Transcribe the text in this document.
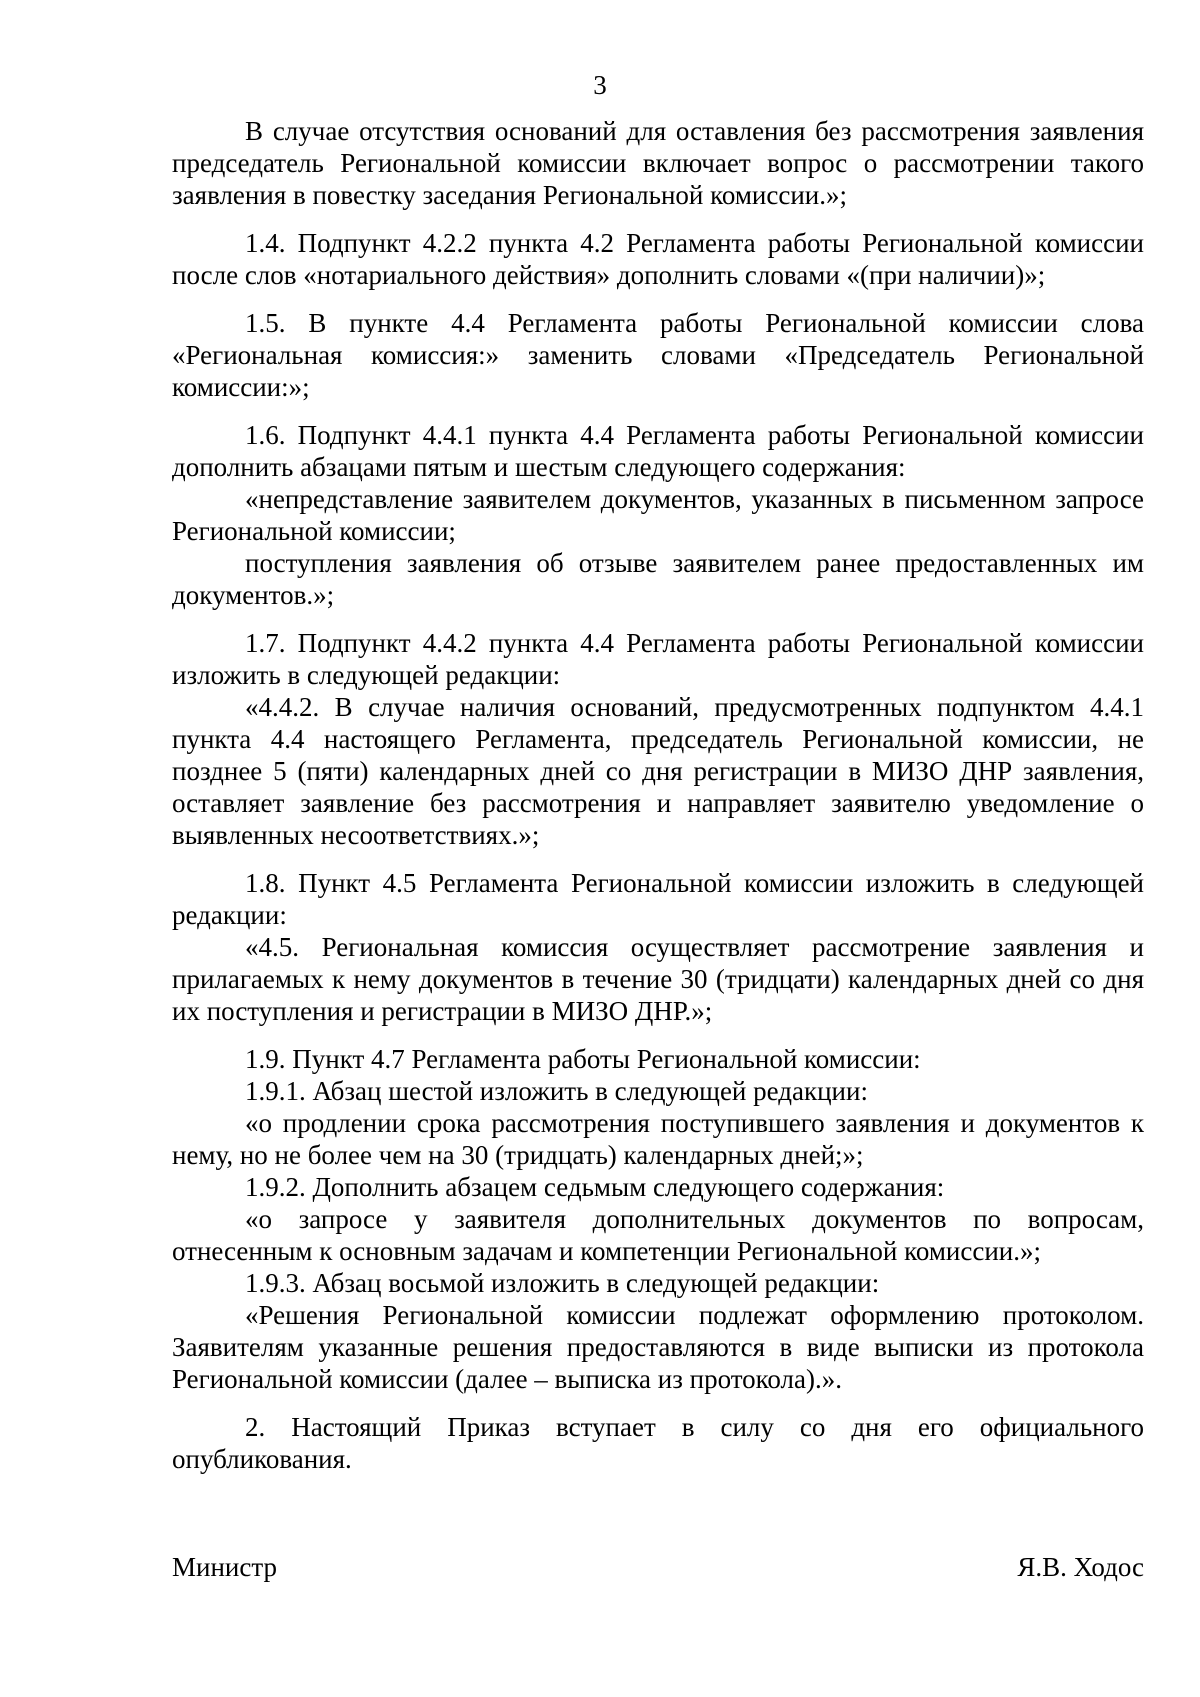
3

В случае отсутствия оснований для оставления без рассмотрения заявления председатель Региональной комиссии включает вопрос о рассмотрении такого заявления в повестку заседания Региональной комиссии.»;

1.4. Подпункт 4.2.2 пункта 4.2 Регламента работы Региональной комиссии после слов «нотариального действия» дополнить словами «(при наличии)»;

1.5. В пункте 4.4 Регламента работы Региональной комиссии слова «Региональная комиссия:» заменить словами «Председатель Региональной комиссии:»;

1.6. Подпункт 4.4.1 пункта 4.4 Регламента работы Региональной комиссии дополнить абзацами пятым и шестым следующего содержания:

«непредставление заявителем документов, указанных в письменном запросе Региональной комиссии;

поступления заявления об отзыве заявителем ранее предоставленных им документов.»;

1.7. Подпункт 4.4.2 пункта 4.4 Регламента работы Региональной комиссии изложить в следующей редакции:

«4.4.2. В случае наличия оснований, предусмотренных подпунктом 4.4.1 пункта 4.4 настоящего Регламента, председатель Региональной комиссии, не позднее 5 (пяти) календарных дней со дня регистрации в МИЗО ДНР заявления, оставляет заявление без рассмотрения и направляет заявителю уведомление о выявленных несоответствиях.»;

1.8. Пункт 4.5 Регламента Региональной комиссии изложить в следующей редакции:

«4.5. Региональная комиссия осуществляет рассмотрение заявления и прилагаемых к нему документов в течение 30 (тридцати) календарных дней со дня их поступления и регистрации в МИЗО ДНР.»;

1.9. Пункт 4.7 Регламента работы Региональной комиссии:

1.9.1. Абзац шестой изложить в следующей редакции:

«о продлении срока рассмотрения поступившего заявления и документов к нему, но не более чем на 30 (тридцать) календарных дней;»;

1.9.2. Дополнить абзацем седьмым следующего содержания:

«о запросе у заявителя дополнительных документов по вопросам, отнесенным к основным задачам и компетенции Региональной комиссии.»;

1.9.3. Абзац восьмой изложить в следующей редакции:

«Решения Региональной комиссии подлежат оформлению протоколом. Заявителям указанные решения предоставляются в виде выписки из протокола Региональной комиссии (далее – выписка из протокола).».

2. Настоящий Приказ вступает в силу со дня его официального опубликования.

Министр	Я.В. Ходос
